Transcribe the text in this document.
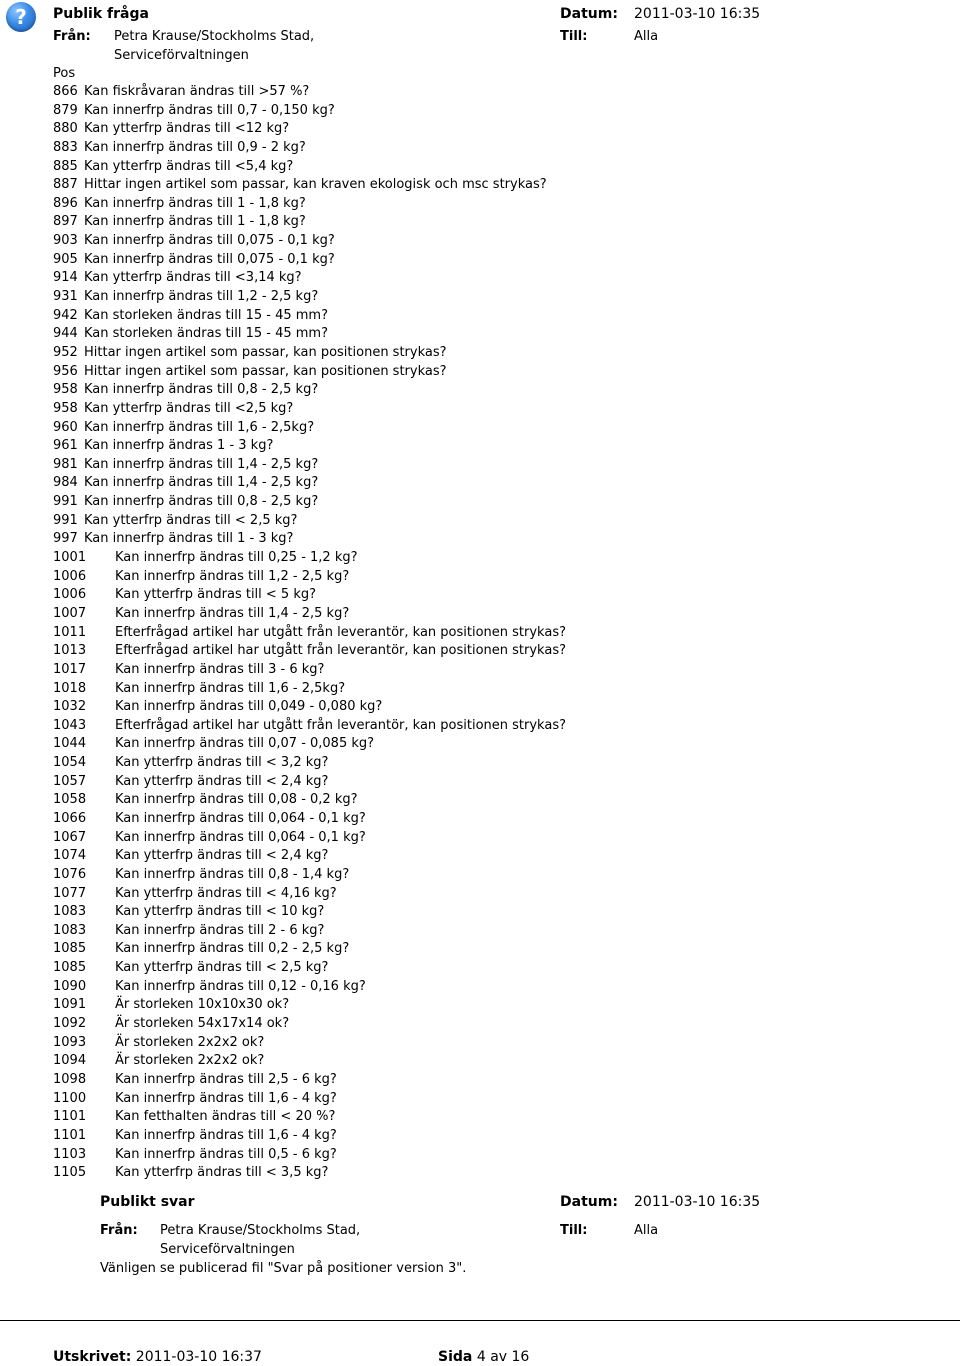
?	Publik fråga	Datum: 2011-03-10 16:35
Från: Petra Krause/Stockholms Stad,
Serviceförvaltningen
Till:	Alla
Pos
866 Kan fiskråvaran ändras till >57 %?
879 Kan innerfrp ändras till 0,7 - 0,150 kg?
880 Kan ytterfrp ändras till <12 kg?
883 Kan innerfrp ändras till 0,9 - 2 kg?
885 Kan ytterfrp ändras till <5,4 kg?
887 Hittar ingen artikel som passar, kan kraven ekologisk och msc strykas?
896 Kan innerfrp ändras till 1 - 1,8 kg?
897 Kan innerfrp ändras till 1 - 1,8 kg?
903 Kan innerfrp ändras till 0,075 - 0,1 kg?
905 Kan innerfrp ändras till 0,075 - 0,1 kg?
914 Kan ytterfrp ändras till <3,14 kg?
931 Kan innerfrp ändras till 1,2 - 2,5 kg?
942 Kan storleken ändras till 15 - 45 mm?
944 Kan storleken ändras till 15 - 45 mm?
952 Hittar ingen artikel som passar, kan positionen strykas?
956 Hittar ingen artikel som passar, kan positionen strykas?
958 Kan innerfrp ändras till 0,8 - 2,5 kg?
958 Kan ytterfrp ändras till <2,5 kg?
960 Kan innerfrp ändras till 1,6 - 2,5kg?
961 Kan innerfrp ändras 1 - 3 kg?
981 Kan innerfrp ändras till 1,4 - 2,5 kg?
984 Kan innerfrp ändras till 1,4 - 2,5 kg?
991 Kan innerfrp ändras till 0,8 - 2,5 kg?
991 Kan ytterfrp ändras till < 2,5 kg?
997 Kan innerfrp ändras till 1 - 3 kg?
1001 Kan innerfrp ändras till 0,25 - 1,2 kg?
1006 Kan innerfrp ändras till 1,2 - 2,5 kg?
1006 Kan ytterfrp ändras till < 5 kg?
1007 Kan innerfrp ändras till 1,4 - 2,5 kg?
1011 Efterfrågad artikel har utgått från leverantör, kan positionen strykas?
1013 Efterfrågad artikel har utgått från leverantör, kan positionen strykas?
1017 Kan innerfrp ändras till 3 - 6 kg?
1018 Kan innerfrp ändras till 1,6 - 2,5kg?
1032 Kan innerfrp ändras till 0,049 - 0,080 kg?
1043 Efterfrågad artikel har utgått från leverantör, kan positionen strykas?
1044 Kan innerfrp ändras till 0,07 - 0,085 kg?
1054 Kan ytterfrp ändras till < 3,2 kg?
1057 Kan ytterfrp ändras till < 2,4 kg?
1058 Kan innerfrp ändras till 0,08 - 0,2 kg?
1066 Kan innerfrp ändras till 0,064 - 0,1 kg?
1067 Kan innerfrp ändras till 0,064 - 0,1 kg?
1074 Kan ytterfrp ändras till < 2,4 kg?
1076 Kan innerfrp ändras till 0,8 - 1,4 kg?
1077 Kan ytterfrp ändras till < 4,16 kg?
1083 Kan ytterfrp ändras till < 10 kg?
1083 Kan innerfrp ändras till 2 - 6 kg?
1085 Kan innerfrp ändras till 0,2 - 2,5 kg?
1085 Kan ytterfrp ändras till < 2,5 kg?
1090 Kan innerfrp ändras till 0,12 - 0,16 kg?
1091 Är storleken 10x10x30 ok?
1092 Är storleken 54x17x14 ok?
1093 Är storleken 2x2x2 ok?
1094 Är storleken 2x2x2 ok?
1098 Kan innerfrp ändras till 2,5 - 6 kg?
1100 Kan innerfrp ändras till 1,6 - 4 kg?
1101 Kan fetthalten ändras till < 20 %?
1101 Kan innerfrp ändras till 1,6 - 4 kg?
1103 Kan innerfrp ändras till 0,5 - 6 kg?
1105 Kan ytterfrp ändras till < 3,5 kg?
Publikt svar	Datum: 2011-03-10 16:35
Från: Petra Krause/Stockholms Stad,
Serviceförvaltningen
Till:	Alla
Vänligen se publicerad fil "Svar på positioner version 3".
Utskrivet: 2011-03-10 16:37	Sida 4 av 16
